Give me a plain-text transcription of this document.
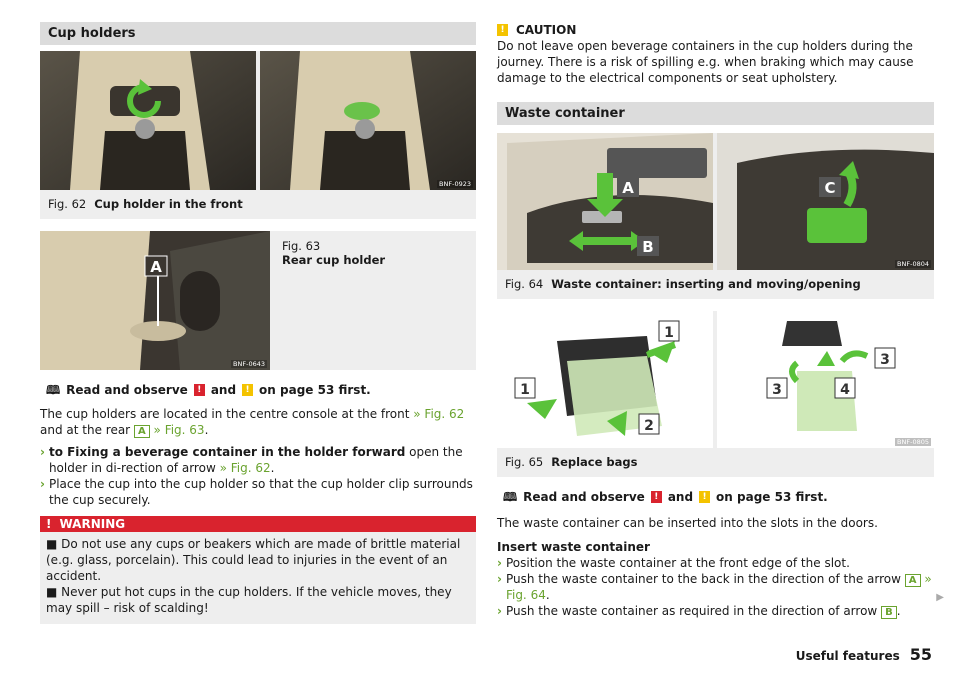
Cup holders
BNF-0923
Fig. 62 Cup holder in the front
A
BNF-0643
Fig. 63
Rear cup holder

🕮 Read and observe	! and	! on page 53 first.

The cup holders are located in the centre console at the front » Fig. 62 and at the rear A » Fig. 63.

› to Fixing a beverage container in the holder forward open the holder in di-rection of arrow » Fig. 62.
› Place the cup into the cup holder so that the cup holder clip surrounds the cup securely.
! WARNING
■ Do not use any cups or beakers which are made of brittle material (e.g. glass, porcelain). This could lead to injuries in the event of an accident.
■ Never put hot cups in the cup holders. If the vehicle moves, they may spill – risk of scalding!
! CAUTION

Do not leave open beverage containers in the cup holders during the journey. There is a risk of spilling e.g. when braking which may cause damage to the electrical components or seat upholstery.

Waste container
A
B
C
BNF-0804
Fig. 64 Waste container: inserting and moving/opening
1
1
2
3
3	4
BNF-0805
Fig. 65 Replace bags

🕮 Read and observe	! and	! on page 53 first.

The waste container can be inserted into the slots in the doors.

Insert waste container

› Position the waste container at the front edge of the slot.
› Push the waste container to the back in the direction of the arrow A » Fig. 64.
› Push the waste container as required in the direction of arrow B .
▶
Useful features 55
